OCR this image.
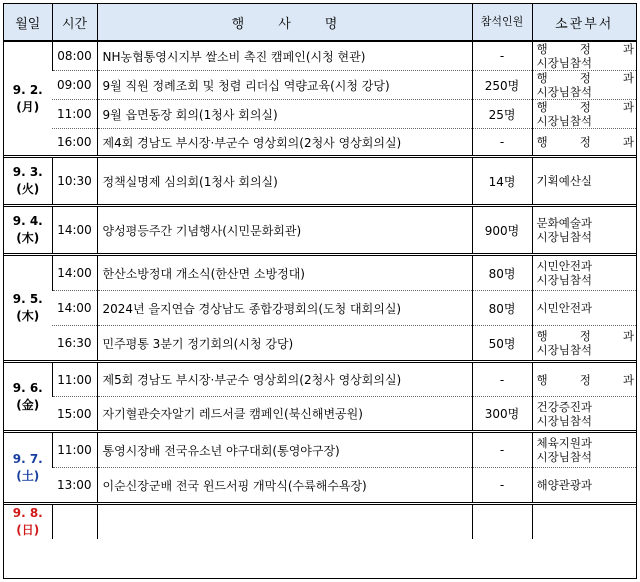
월일	시간	행사명	참석인원	소관부서

9. 2.
(月)	08:00	NH농협통영시지부 쌀소비 촉진 캠페인(시청 현관)	-	행 정 과
시장님참석

	09:00	9월 직원 정례조회 및 청렴 리더십 역량교육(시청 강당)	250명	행 정 과
시장님참석

	11:00	9월 읍면동장 회의(1청사 회의실)	25명	행 정 과
시장님참석

	16:00	제4회 경남도 부시장·부군수 영상회의(2청사 영상회의실)	-	행 정 과

9. 3.
(火)	10:30	정책실명제 심의회(1청사 회의실)	14명	기획예산실

9. 4.
(木)	14:00	양성평등주간 기념행사(시민문화회관)	900명	문화예술과
시장님참석

9. 5.
(木)	14:00	한산소방정대 개소식(한산면 소방정대)	80명	시민안전과
시장님참석

	14:00	2024년 을지연습 경상남도 종합강평회의(도청 대회의실)	80명	시민안전과

	16:30	민주평통 3분기 정기회의(시청 강당)	50명	행 정 과
시장님참석

9. 6.
(金)	11:00	제5회 경남도 부시장·부군수 영상회의(2청사 영상회의실)	-	행 정 과

	15:00	자기혈관숫자알기 레드서클 캠페인(북신해변공원)	300명	건강증진과
시장님참석

9. 7.
(土)	11:00	통영시장배 전국유소년 야구대회(통영야구장)	-	체육지원과
시장님참석

	13:00	이순신장군배 전국 윈드서핑 개막식(수륙해수욕장)	-	해양관광과

9. 8.
(日)				
